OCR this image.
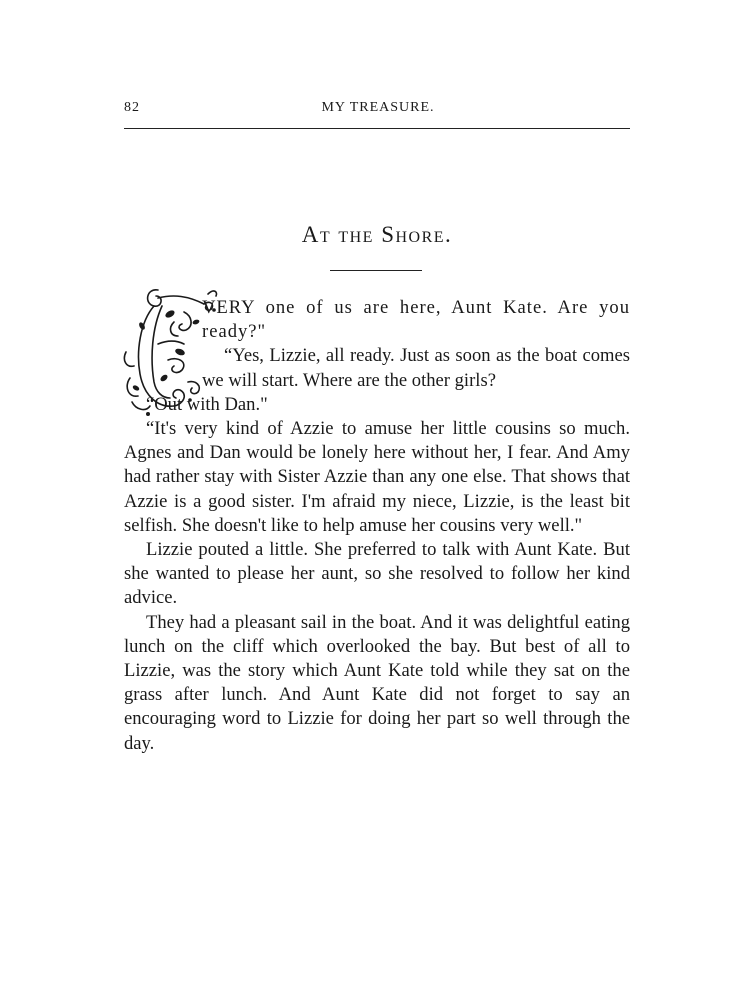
82	MY TREASURE.
At the Shore.

VERY one of us are here, Aunt Kate. Are you ready?"

“Yes, Lizzie, all ready. Just as soon as the boat comes we will start. Where are the other girls?

“Out with Dan."

“It's very kind of Azzie to amuse her little cousins so much. Agnes and Dan would be lonely here without her, I fear. And Amy had rather stay with Sister Azzie than any one else. That shows that Azzie is a good sister. I'm afraid my niece, Lizzie, is the least bit selfish. She doesn't like to help amuse her cousins very well."

Lizzie pouted a little. She preferred to talk with Aunt Kate. But she wanted to please her aunt, so she resolved to follow her kind advice.

They had a pleasant sail in the boat. And it was delightful eating lunch on the cliff which overlooked the bay. But best of all to Lizzie, was the story which Aunt Kate told while they sat on the grass after lunch. And Aunt Kate did not forget to say an encouraging word to Lizzie for doing her part so well through the day.
